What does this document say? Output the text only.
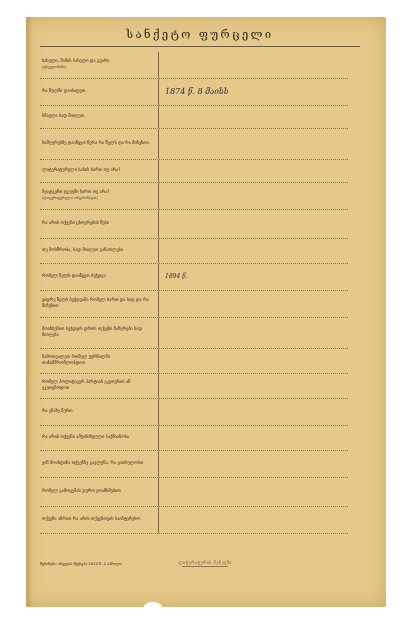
სანქეტო ფურცელი
სახელი, მამის სახელი და გვარი
(ფსევდონიმი)
რა წელში დაიბადეთ.	1874 წ. 8 მაისს
სწავლა სად მიიღეთ.
სიმღერებზე დაიწყეთ წერა რა წელს და რა მიზეზით.
ლიტერატურული სახის ხართ თუ არა?
შეადგენთ ჯგუფში ხართ თუ არა?
(ლიტერატურული ორგანიზაცია)
რა არის თქვენი ცხოვრების წესი
თუ მოსწრობა, სად მიიღეთ განათლება
რომელ წელს დაიწყეთ ბეჭდვა	1894 წ.
ვიდრე წელს ბეჭდვაში რომელ ხართ და სად და რა მიზეზით
მოიხსენით ბეჭდვის დროს თქვენი ნაწერები სად მიიღება
ჩამოთვალეთ რომელ ჟურნალში თანამშრომლობდით
რომელ პოლიტიკურ პარტიას ეკუთვნით ან ეკუთვნოდით
რა ენაზე წერთ
რა არის თქვენი ამჟამინდელი საქმიანობა
ვინ მოახდინა თქვენზე გავლენა, რა კითხულობთ
რომელ გამოცემას უფრო ეთანხმებით
თქვენი აზრით რა არის თქვენთვის საინტერესო
შენიშვნა: ანკეტის შევსება 1912 წ. 2 აპრილი	ლიტერატურის მუზეუმი
